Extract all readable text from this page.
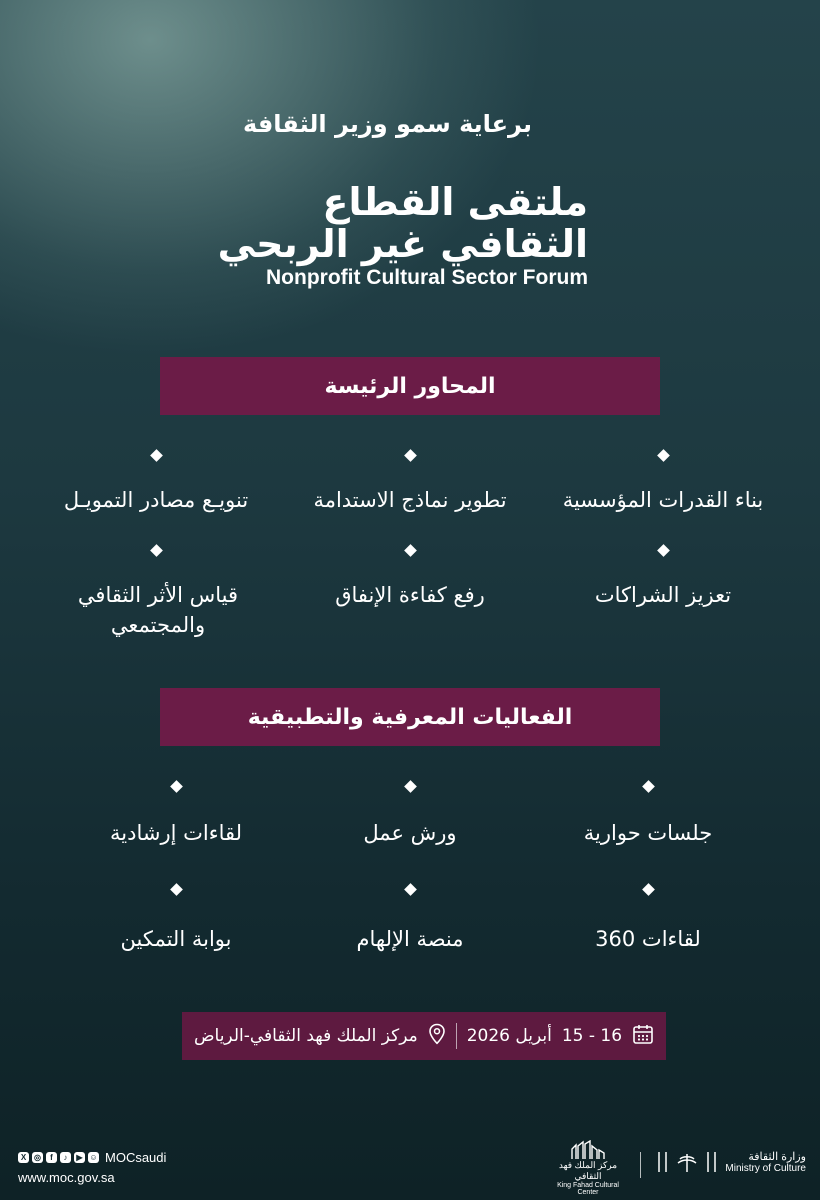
برعاية سمو وزير الثقافة
ملتقى القطاع
الثقافي غير الربحي
Nonprofit Cultural Sector Forum
المحاور الرئيسة
بناء القدرات المؤسسية
تطوير نماذج الاستدامة
تنويـع مصادر التمويـل
تعزيز الشراكات
رفع كفاءة الإنفاق
قياس الأثر الثقافي والمجتمعي
الفعاليات المعرفية والتطبيقية
جلسات حوارية
ورش عمل
لقاءات إرشادية
لقاءات 360
منصة الإلهام
بوابة التمكين
15 - 16
أبريل 2026
مركز الملك فهد الثقافي-الرياض
X ◎	f	♪	▶ ☺ MOCsaudi
www.moc.gov.sa
مركز الملك فهد الثقافي
King Fahad Cultural Center
وزارة الثقافة
Ministry of Culture
